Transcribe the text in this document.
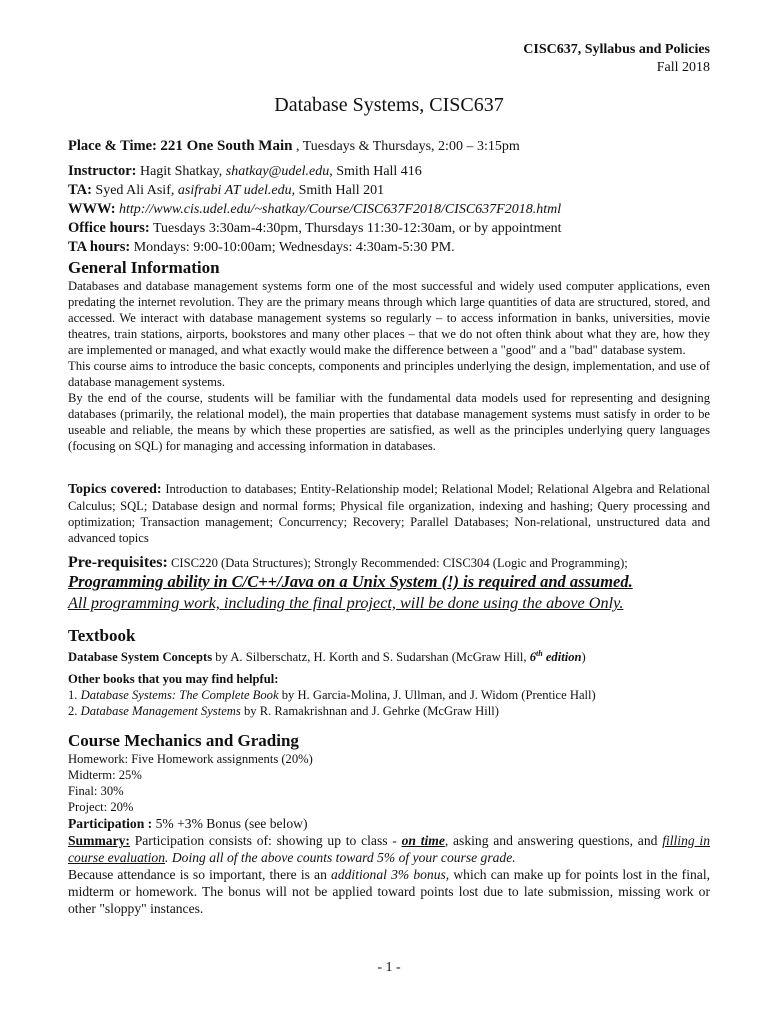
CISC637, Syllabus and Policies
Fall 2018
Database Systems, CISC637
Place & Time: 221 One South Main , Tuesdays & Thursdays, 2:00 – 3:15pm
Instructor: Hagit Shatkay, shatkay@udel.edu, Smith Hall 416
TA: Syed Ali Asif, asifrabi AT udel.edu, Smith Hall 201
WWW: http://www.cis.udel.edu/~shatkay/Course/CISC637F2018/CISC637F2018.html
Office hours: Tuesdays 3:30am-4:30pm, Thursdays 11:30-12:30am, or by appointment
TA hours: Mondays: 9:00-10:00am; Wednesdays: 4:30am-5:30 PM.
General Information
Databases and database management systems form one of the most successful and widely used computer applications, even predating the internet revolution. They are the primary means through which large quantities of data are structured, stored, and accessed. We interact with database management systems so regularly – to access information in banks, universities, movie theatres, train stations, airports, bookstores and many other places – that we do not often think about what they are, how they are implemented or managed, and what exactly would make the difference between a "good" and a "bad" database system.
This course aims to introduce the basic concepts, components and principles underlying the design, implementation, and use of database management systems.
By the end of the course, students will be familiar with the fundamental data models used for representing and designing databases (primarily, the relational model), the main properties that database management systems must satisfy in order to be useable and reliable, the means by which these properties are satisfied, as well as the principles underlying query languages (focusing on SQL) for managing and accessing information in databases.
Topics covered: Introduction to databases; Entity-Relationship model; Relational Model; Relational Algebra and Relational Calculus; SQL; Database design and normal forms; Physical file organization, indexing and hashing; Query processing and optimization; Transaction management; Concurrency; Recovery; Parallel Databases; Non-relational, unstructured data and advanced topics
Pre-requisites: CISC220 (Data Structures); Strongly Recommended: CISC304 (Logic and Programming);
Programming ability in C/C++/Java on a Unix System (!) is required and assumed.
All programming work, including the final project, will be done using the above Only.
Textbook
Database System Concepts by A. Silberschatz, H. Korth and S. Sudarshan (McGraw Hill, 6th edition)
Other books that you may find helpful:
1. Database Systems: The Complete Book by H. Garcia-Molina, J. Ullman, and J. Widom (Prentice Hall)
2. Database Management Systems by R. Ramakrishnan and J. Gehrke (McGraw Hill)
Course Mechanics and Grading
Homework: Five Homework assignments (20%)
Midterm: 25%
Final: 30%
Project: 20%
Participation : 5% +3% Bonus (see below)
Summary: Participation consists of: showing up to class - on time, asking and answering questions, and filling in course evaluation. Doing all of the above counts toward 5% of your course grade.
Because attendance is so important, there is an additional 3% bonus, which can make up for points lost in the final, midterm or homework. The bonus will not be applied toward points lost due to late submission, missing work or other "sloppy" instances.
- 1 -
